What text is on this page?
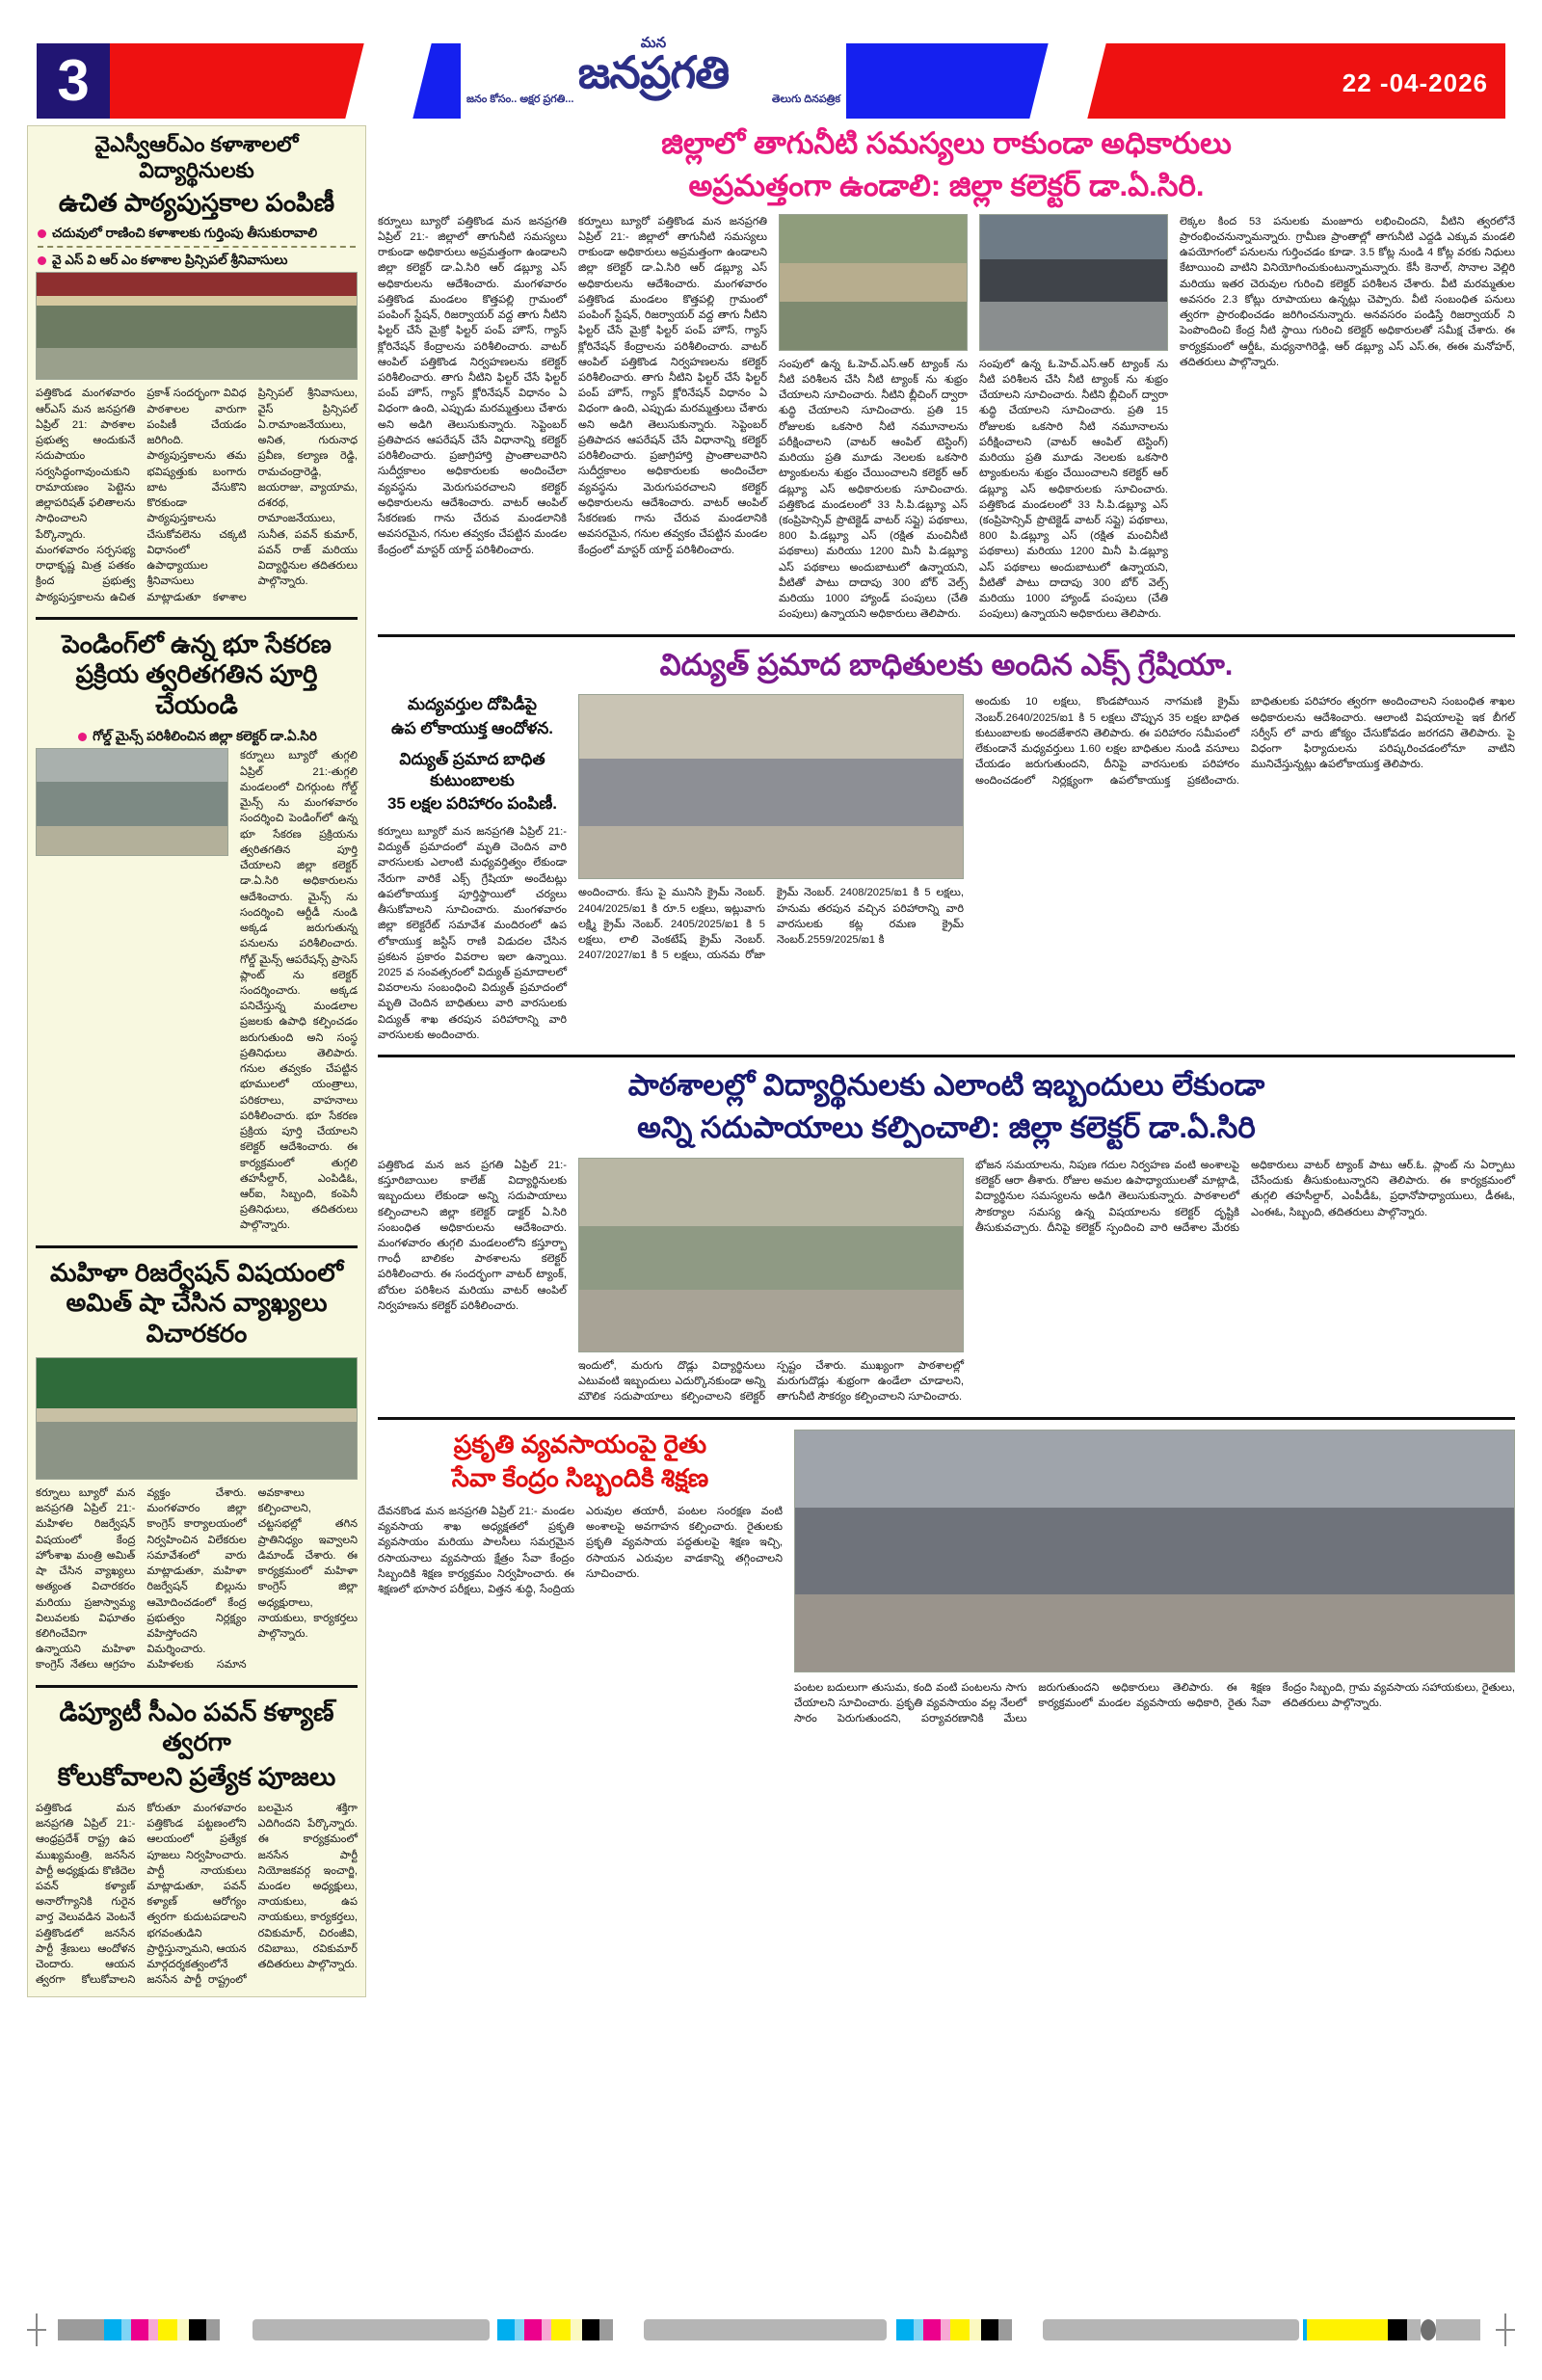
3	22 -04-2026
మన
జనప్రగతి
జనం కోసం.. అక్షర ప్రగతి...	తెలుగు దినపత్రిక
వైఎస్వీఆర్ఎం కళాశాలలో విద్యార్థినులకు
ఉచిత పాఠ్యపుస్తకాల పంపిణీ
చదువులో రాణించి కళాశాలకు గుర్తింపు తీసుకురావాలి
వై ఎస్ వి ఆర్ ఎం కళాశాల ప్రిన్సిపల్ శ్రీనివాసులు
పత్తికొండ మంగళవారం ఆర్ఎస్ మన జనప్రగతి ఏప్రిల్ 21: పాఠశాల ప్రభుత్వ ఆందుకునే సదుపాయం సర్వసిద్ధంగావుంచుకుని రామాయణం పెట్టెను జిల్లాపరిషత్ ఫలితాలను సాధించాలని పేర్కొన్నారు. మంగళవారం సర్పసభ్య రాధాకృష్ణ మిత్ర పతకం క్రింద ప్రభుత్వ పాఠ్యపుస్తకాలను ఉచిత ప్రకాశ్ సందర్భంగా వివిధ పాఠశాలల వారుగా పంపిణీ చేయడం జరిగింది. పాఠ్యపుస్తకాలను తమ భవిష్యత్తుకు బంగారు బాట వేసుకొని కొరకుండా పాఠ్యపుస్తకాలను చేసుకోవలెను చక్కటి విధానంలో ఉపాధ్యాయుల శ్రీనివాసులు మాట్లాడుతూ కళాశాల ప్రిన్సిపల్ శ్రీనివాసులు, వైస్ ప్రిన్సిపల్ ఏ.రామాంజనేయులు, అనిత, గురునాధ ప్రవీణ, కల్యాణ రెడ్డి, రామచంద్రారెడ్డి, జయరాజు, వ్యాయామ, దశరథ, రామాంజనేయులు, సునీత, పవన్ కుమార్, పవన్ రాజ్ మరియు విద్యార్థినుల తదితరులు పాల్గొన్నారు.
పెండింగ్‌లో ఉన్న భూ సేకరణ ప్రక్రియ త్వరితగతిన పూర్తి చేయండి
గోల్డ్ మైన్స్ పరిశీలించిన జిల్లా కలెక్టర్ డా.ఏ.సిరి
కర్నూలు బ్యూరో తుగ్గలి ఏప్రిల్ 21:-తుగ్గలి మండలంలో చిగర్గుంట గోల్డ్ మైన్స్ ను మంగళవారం సందర్శించి పెండింగ్‌లో ఉన్న భూ సేకరణ ప్రక్రియను త్వరితగతిన పూర్తి చేయాలని జిల్లా కలెక్టర్ డా.ఏ.సిరి అధికారులను ఆదేశించారు. మైన్స్ ను సందర్శించి ఆర్టీడీ నుండి అక్కడ జరుగుతున్న పనులను పరిశీలించారు. గోల్డ్ మైన్స్ ఆపరేషన్స్ ప్రాసెస్ ప్లాంట్ ను కలెక్టర్ సందర్శించారు. అక్కడ పనిచేస్తున్న మండలాల ప్రజలకు ఉపాధి కల్పించడం జరుగుతుంది అని సంస్థ ప్రతినిధులు తెలిపారు. గనుల తవ్వకం చేపట్టిన భూములలో యంత్రాలు, పరికరాలు, వాహనాలు పరిశీలించారు. భూ సేకరణ ప్రక్రియ పూర్తి చేయాలని కలెక్టర్ ఆదేశించారు. ఈ కార్యక్రమంలో తుగ్గలి తహసీల్దార్, ఎంపిడిఓ, ఆర్ఐ, సిబ్బంది, కంపెనీ ప్రతినిధులు, తదితరులు పాల్గొన్నారు.
మహిళా రిజర్వేషన్ విషయంలో అమిత్ షా చేసిన వ్యాఖ్యలు విచారకరం
కర్నూలు బ్యూరో మన జనప్రగతి ఏప్రిల్ 21:-మహిళల రిజర్వేషన్ విషయంలో కేంద్ర హోంశాఖ మంత్రి అమిత్ షా చేసిన వ్యాఖ్యలు అత్యంత విచారకరం మరియు ప్రజాస్వామ్య విలువలకు విఘాతం కలిగించేవిగా ఉన్నాయని మహిళా కాంగ్రెస్ నేతలు ఆగ్రహం వ్యక్తం చేశారు. మంగళవారం జిల్లా కాంగ్రెస్ కార్యాలయంలో నిర్వహించిన విలేకరుల సమావేశంలో వారు మాట్లాడుతూ, మహిళా రిజర్వేషన్ బిల్లును ఆమోదించడంలో కేంద్ర ప్రభుత్వం నిర్లక్ష్యం వహిస్తోందని విమర్శించారు. మహిళలకు సమాన అవకాశాలు కల్పించాలని, చట్టసభల్లో తగిన ప్రాతినిధ్యం ఇవ్వాలని డిమాండ్ చేశారు. ఈ కార్యక్రమంలో మహిళా కాంగ్రెస్ జిల్లా అధ్యక్షురాలు, నాయకులు, కార్యకర్తలు పాల్గొన్నారు.
డిప్యూటీ సీఎం పవన్ కళ్యాణ్ త్వరగా
కోలుకోవాలని ప్రత్యేక పూజలు
పత్తికొండ మన జనప్రగతి ఏప్రిల్ 21:-ఆంధ్రప్రదేశ్ రాష్ట్ర ఉప ముఖ్యమంత్రి, జనసేన పార్టీ అధ్యక్షుడు కొణిదెల పవన్ కళ్యాణ్ అనారోగ్యానికి గురైన వార్త వెలువడిన వెంటనే పత్తికొండలో జనసేన పార్టీ శ్రేణులు ఆందోళన చెందారు. ఆయన త్వరగా కోలుకోవాలని కోరుతూ మంగళవారం పత్తికొండ పట్టణంలోని ఆలయంలో ప్రత్యేక పూజలు నిర్వహించారు. పార్టీ నాయకులు మాట్లాడుతూ, పవన్ కళ్యాణ్ ఆరోగ్యం త్వరగా కుదుటపడాలని భగవంతుడిని ప్రార్థిస్తున్నామని, ఆయన మార్గదర్శకత్వంలోనే జనసేన పార్టీ రాష్ట్రంలో బలమైన శక్తిగా ఎదిగిందని పేర్కొన్నారు. ఈ కార్యక్రమంలో జనసేన పార్టీ నియోజకవర్గ ఇంచార్జి, మండల అధ్యక్షులు, నాయకులు, ఉప నాయకులు, కార్యకర్తలు, రవికుమార్, చిరంజీవి, రవిబాబు, రవికుమార్ తదితరులు పాల్గొన్నారు.
జిల్లాలో తాగునీటి సమస్యలు రాకుండా అధికారులు
అప్రమత్తంగా ఉండాలి: జిల్లా కలెక్టర్ డా.ఏ.సిరి.
కర్నూలు బ్యూరో పత్తికొండ మన జనప్రగతి ఏప్రిల్ 21:- జిల్లాలో తాగునీటి సమస్యలు రాకుండా అధికారులు అప్రమత్తంగా ఉండాలని జిల్లా కలెక్టర్ డా.ఏ.సిరి ఆర్ డబ్ల్యూ ఎస్ అధికారులను ఆదేశించారు. మంగళవారం పత్తికొండ మండలం కొత్తపల్లి గ్రామంలో పంపింగ్ స్టేషన్, రిజర్వాయర్ వద్ద తాగు నీటిని ఫిల్టర్ చేసే మైక్రో ఫిల్టర్ పంప్ హౌస్, గ్యాస్ క్లోరినేషన్ కేంద్రాలను పరిశీలించారు. వాటర్ ఆంపిల్ పత్తికొండ నిర్వహణలను కలెక్టర్ పరిశీలించారు. తాగు నీటిని ఫిల్టర్ చేసే ఫిల్టర్ పంప్ హౌస్, గ్యాస్ క్లోరినేషన్ విధానం ఏ విధంగా ఉంది, ఎప్పుడు మరమ్మత్తులు చేశారు అని అడిగి తెలుసుకున్నారు. సెప్టెంబర్ ప్రతిపాదన ఆపరేషన్ చేసే విధానాన్ని కలెక్టర్ పరిశీలించారు. ప్రజాగ్రిహార్తి ప్రాంతాలవారిని సుదీర్ఘకాలం అధికారులకు అందించేలా వ్యవస్థను మెరుగుపరచాలని కలెక్టర్ అధికారులను ఆదేశించారు. వాటర్ ఆంపిల్ సేకరణకు గాను చేరువ మండలానికి అవసరమైన, గనుల తవ్వకం చేపట్టిన మండల కేంద్రంలో మాస్టర్ యార్డ్ పరిశీలించారు.
కర్నూలు బ్యూరో పత్తికొండ మన జనప్రగతి ఏప్రిల్ 21:- జిల్లాలో తాగునీటి సమస్యలు రాకుండా అధికారులు అప్రమత్తంగా ఉండాలని జిల్లా కలెక్టర్ డా.ఏ.సిరి ఆర్ డబ్ల్యూ ఎస్ అధికారులను ఆదేశించారు. మంగళవారం పత్తికొండ మండలం కొత్తపల్లి గ్రామంలో పంపింగ్ స్టేషన్, రిజర్వాయర్ వద్ద తాగు నీటిని ఫిల్టర్ చేసే మైక్రో ఫిల్టర్ పంప్ హౌస్, గ్యాస్ క్లోరినేషన్ కేంద్రాలను పరిశీలించారు. వాటర్ ఆంపిల్ పత్తికొండ నిర్వహణలను కలెక్టర్ పరిశీలించారు. తాగు నీటిని ఫిల్టర్ చేసే ఫిల్టర్ పంప్ హౌస్, గ్యాస్ క్లోరినేషన్ విధానం ఏ విధంగా ఉంది, ఎప్పుడు మరమ్మత్తులు చేశారు అని అడిగి తెలుసుకున్నారు. సెప్టెంబర్ ప్రతిపాదన ఆపరేషన్ చేసే విధానాన్ని కలెక్టర్ పరిశీలించారు. ప్రజాగ్రిహార్తి ప్రాంతాలవారిని సుదీర్ఘకాలం అధికారులకు అందించేలా వ్యవస్థను మెరుగుపరచాలని కలెక్టర్ అధికారులను ఆదేశించారు. వాటర్ ఆంపిల్ సేకరణకు గాను చేరువ మండలానికి అవసరమైన, గనుల తవ్వకం చేపట్టిన మండల కేంద్రంలో మాస్టర్ యార్డ్ పరిశీలించారు.
సంపులో ఉన్న ఓ.హెచ్.ఎస్.ఆర్ ట్యాంక్ ను నీటి పరిశీలన చేసి నీటి ట్యాంక్ ను శుభ్రం చేయాలని సూచించారు. నీటిని బ్లీచింగ్ ద్వారా శుద్ధి చేయాలని సూచించారు. ప్రతి 15 రోజులకు ఒకసారి నీటి నమూనాలను పరీక్షించాలని (వాటర్ ఆంపిల్ టెస్టింగ్) మరియు ప్రతి మూడు నెలలకు ఒకసారి ట్యాంకులను శుభ్రం చేయించాలని కలెక్టర్ ఆర్ డబ్ల్యూ ఎస్ అధికారులకు సూచించారు. పత్తికొండ మండలంలో 33 సి.పి.డబ్ల్యూ ఎస్ (కంప్రిహెన్సివ్ ప్రొటెక్టెడ్ వాటర్ సప్లై) పథకాలు, 800 పి.డబ్ల్యూ ఎస్ (రక్షిత మంచినీటి పథకాలు) మరియు 1200 మినీ పి.డబ్ల్యూ ఎస్ పథకాలు అందుబాటులో ఉన్నాయని, వీటితో పాటు దాదాపు 300 బోర్ వెల్స్ మరియు 1000 హ్యాండ్ పంపులు (చేతి పంపులు) ఉన్నాయని అధికారులు తెలిపారు.
సంపులో ఉన్న ఓ.హెచ్.ఎస్.ఆర్ ట్యాంక్ ను నీటి పరిశీలన చేసి నీటి ట్యాంక్ ను శుభ్రం చేయాలని సూచించారు. నీటిని బ్లీచింగ్ ద్వారా శుద్ధి చేయాలని సూచించారు. ప్రతి 15 రోజులకు ఒకసారి నీటి నమూనాలను పరీక్షించాలని (వాటర్ ఆంపిల్ టెస్టింగ్) మరియు ప్రతి మూడు నెలలకు ఒకసారి ట్యాంకులను శుభ్రం చేయించాలని కలెక్టర్ ఆర్ డబ్ల్యూ ఎస్ అధికారులకు సూచించారు. పత్తికొండ మండలంలో 33 సి.పి.డబ్ల్యూ ఎస్ (కంప్రిహెన్సివ్ ప్రొటెక్టెడ్ వాటర్ సప్లై) పథకాలు, 800 పి.డబ్ల్యూ ఎస్ (రక్షిత మంచినీటి పథకాలు) మరియు 1200 మినీ పి.డబ్ల్యూ ఎస్ పథకాలు అందుబాటులో ఉన్నాయని, వీటితో పాటు దాదాపు 300 బోర్ వెల్స్ మరియు 1000 హ్యాండ్ పంపులు (చేతి పంపులు) ఉన్నాయని అధికారులు తెలిపారు.
లెక్కల కింద 53 పనులకు మంజూరు లభించిందని, వీటిని త్వరలోనే ప్రారంభించనున్నామన్నారు. గ్రామీణ ప్రాంతాల్లో తాగునీటి ఎద్దడి ఎక్కువ మండలి ఉపయోగంలో పనులను గుర్తించడం కూడా. 3.5 కోట్ల నుండి 4 కోట్ల వరకు నిధులు కేటాయించి వాటిని వినియోగించుకుంటున్నామన్నారు. కేసీ కెనాల్, సొనాల వెల్లిరి మరియు ఇతర చెరువుల గురించి కలెక్టర్ పరిశీలన చేశారు. వీటి మరమ్మతుల అవసరం 2.3 కోట్లు రూపాయలు ఉన్నట్లు చెప్పారు. వీటి సంబంధిత పనులు త్వరగా ప్రారంభించడం జరిగించనున్నారు. అనవసరం పండిస్తే రిజర్వాయర్ ని పెంపొందించి కేంద్ర నీటి స్థాయి గురించి కలెక్టర్ అధికారులతో సమీక్ష చేశారు. ఈ కార్యక్రమంలో ఆర్డీఓ, మధ్యనాగిరెడ్డి, ఆర్ డబ్ల్యూ ఎస్ ఎస్.ఈ, ఈఈ మనోహర్, తదితరులు పాల్గొన్నారు.
విద్యుత్ ప్రమాద బాధితులకు అందిన ఎక్స్ గ్రేషియా.
మద్యవర్తుల దోపిడీపై
ఉప లోకాయుక్త ఆందోళన.
విద్యుత్ ప్రమాద బాధిత కుటుంబాలకు
35 లక్షల పరిహారం పంపిణీ.
కర్నూలు బ్యూరో మన జనప్రగతి ఏప్రిల్ 21:- విద్యుత్ ప్రమాదంలో మృతి చెందిన వారి వారసులకు ఎలాంటి మధ్యవర్తిత్వం లేకుండా నేరుగా వారికే ఎక్స్ గ్రేషియా అందేటట్లు ఉపలోకాయుక్త పూర్తిస్థాయిలో చర్యలు తీసుకోవాలని సూచించారు. మంగళవారం జిల్లా కలెక్టరేట్ సమావేశ మందిరంలో ఉప లోకాయుక్త జస్టిస్ రాణి విడుదల చేసిన ప్రకటన ప్రకారం వివరాల ఇలా ఉన్నాయి. 2025 వ సంవత్సరంలో విద్యుత్ ప్రమాదాలలో వివరాలను సంబంధించి విద్యుత్ ప్రమాదంలో మృతి చెందిన బాధితులు వారి వారసులకు విద్యుత్ శాఖ తరపున పరిహారాన్ని వారి వారసులకు అందించారు.
అందించారు. కేసు పై మునిసి క్రైమ్ నెంబర్. 2404/2025/ఐ1 కి రూ.5 లక్షలు, ఇట్లువాగు లక్ష్మి క్రైమ్ నెంబర్. 2405/2025/ఐ1 కి 5 లక్షలు, లాలి వెంకటేష్ క్రైమ్ నెంబర్. 2407/2027/ఐ1 కి 5 లక్షలు, యనమ రోజా క్రైమ్ నెంబర్. 2408/2025/ఐ1 కి 5 లక్షలు, హనుమ తరపున వచ్చిన పరిహారాన్ని వారి వారసులకు కట్ల రమణ క్రైమ్ నెంబర్.2559/2025/ఐ1 కి
అందుకు 10 లక్షలు, కొండపోయిన నాగమణి క్రైమ్ నెంబర్.2640/2025/ఐ1 కి 5 లక్షలు చొప్పున 35 లక్షల బాధిత కుటుంబాలకు అందజేశారని తెలిపారు. ఈ పరిహారం సమీపంలో లేకుండానే మధ్యవర్తులు 1.60 లక్షల బాధితుల నుండి వసూలు చేయడం జరుగుతుందని, దీనిపై వారసులకు పరిహారం అందించడంలో నిర్లక్ష్యంగా ఉపలోకాయుక్త ప్రకటించారు. బాధితులకు పరిహారం త్వరగా అందించాలని సంబంధిత శాఖల అధికారులను ఆదేశించారు. ఆలాంటి విషయాలపై ఇక బీగల్ సర్వీస్ లో వారు జోక్యం చేసుకోవడం జరగదని తెలిపారు. పై విధంగా ఫిర్యాదులను పరిష్కరించడంలోనూ వాటిని మునిచేస్తున్నట్లు ఉపలోకాయుక్త తెలిపారు.
పాఠశాలల్లో విద్యార్థినులకు ఎలాంటి ఇబ్బందులు లేకుండా
అన్ని సదుపాయాలు కల్పించాలి: జిల్లా కలెక్టర్ డా.ఏ.సిరి
పత్తికొండ మన జన ప్రగతి ఏప్రిల్ 21:-కస్తూరిబాయిల కాలేజ్ విద్యార్థినులకు ఇబ్బందులు లేకుండా అన్ని సదుపాయాలు కల్పించాలని జిల్లా కలెక్టర్ డాక్టర్ ఏ.సిరి సంబంధిత అధికారులను ఆదేశించారు. మంగళవారం తుగ్గలి మండలంలోని కస్తూర్బా గాంధీ బాలికల పాఠశాలను కలెక్టర్ పరిశీలించారు. ఈ సందర్భంగా వాటర్ ట్యాంక్, బోరుల పరిశీలన మరియు వాటర్ ఆంపిల్ నిర్వహణను కలెక్టర్ పరిశీలించారు.
ఇందులో, మరుగు దొడ్లు విద్యార్థినులు ఎటువంటి ఇబ్బందులు ఎదుర్కొనకుండా అన్ని మౌలిక సదుపాయాలు కల్పించాలని కలెక్టర్ స్పష్టం చేశారు. ముఖ్యంగా పాఠశాలల్లో మరుగుదొడ్లు శుభ్రంగా ఉండేలా చూడాలని, తాగునీటి సౌకర్యం కల్పించాలని సూచించారు.
భోజన సమయాలను, నిపుణ గదుల నిర్వహణ వంటి అంశాలపై కలెక్టర్ ఆరా తీశారు. రోజుల అమల ఉపాధ్యాయులతో మాట్లాడి, విద్యార్థినుల సమస్యలను అడిగి తెలుసుకున్నారు. పాఠశాలలో సౌకర్యాల సమస్య ఉన్న విషయాలను కలెక్టర్ దృష్టికి తీసుకువచ్చారు. దీనిపై కలెక్టర్ స్పందించి వారి ఆదేశాల మేరకు అధికారులు వాటర్ ట్యాంక్ పాటు ఆర్.ఓ. ప్లాంట్ ను ఏర్పాటు చేసేందుకు తీసుకుంటున్నారని తెలిపారు. ఈ కార్యక్రమంలో తుగ్గలి తహసీల్దార్, ఎంపీడీఓ, ప్రధానోపాధ్యాయులు, డీఈఓ, ఎంఈఓ, సిబ్బంది, తదితరులు పాల్గొన్నారు.
ప్రకృతి వ్యవసాయంపై రైతు
సేవా కేంద్రం సిబ్బందికి శిక్షణ
దేవనకొండ మన జనప్రగతి ఏప్రిల్ 21:- మండల వ్యవసాయ శాఖ అధ్యక్షతలో ప్రకృతి వ్యవసాయం మరియు పాలసీలు సమగ్రమైన రసాయనాలు వ్యవసాయ క్షేత్రం సేవా కేంద్రం సిబ్బందికి శిక్షణ కార్యక్రమం నిర్వహించారు. ఈ శిక్షణలో భూసార పరీక్షలు, విత్తన శుద్ధి, సేంద్రియ ఎరువుల తయారీ, పంటల సంరక్షణ వంటి అంశాలపై అవగాహన కల్పించారు. రైతులకు ప్రకృతి వ్యవసాయ పద్ధతులపై శిక్షణ ఇచ్చి, రసాయన ఎరువుల వాడకాన్ని తగ్గించాలని సూచించారు.
పంటల బదులుగా తుసుమ, కంది వంటి పంటలను సాగు చేయాలని సూచించారు. ప్రకృతి వ్యవసాయం వల్ల నేలలో సారం పెరుగుతుందని, పర్యావరణానికి మేలు జరుగుతుందని అధికారులు తెలిపారు. ఈ శిక్షణ కార్యక్రమంలో మండల వ్యవసాయ అధికారి, రైతు సేవా కేంద్రం సిబ్బంది, గ్రామ వ్యవసాయ సహాయకులు, రైతులు, తదితరులు పాల్గొన్నారు.
